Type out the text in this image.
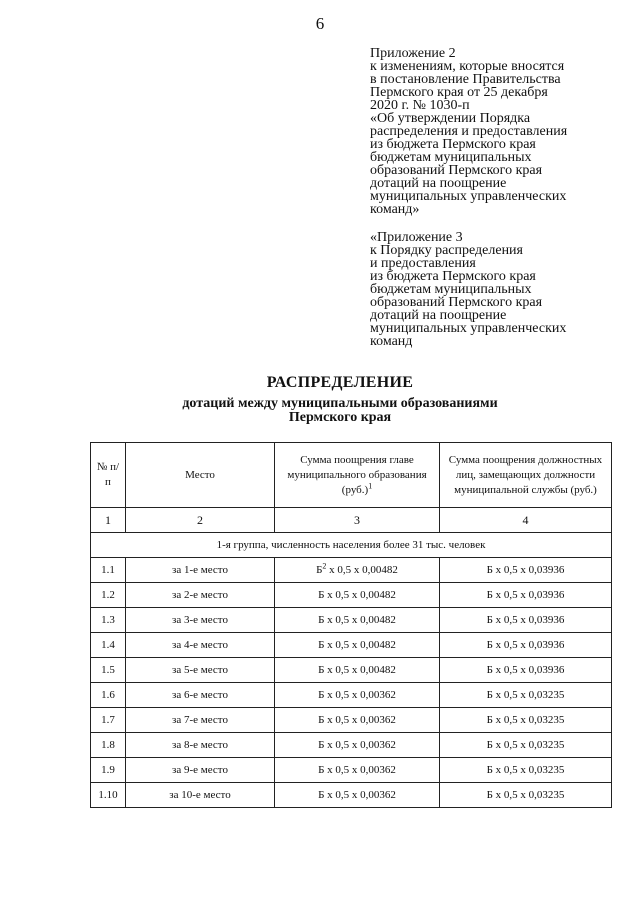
6
Приложение 2
к изменениям, которые вносятся
в постановление Правительства
Пермского края от 25 декабря
2020 г. № 1030-п
«Об утверждении Порядка
распределения и предоставления
из бюджета Пермского края
бюджетам муниципальных
образований Пермского края
дотаций на поощрение
муниципальных управленческих
команд»
«Приложение 3
к Порядку распределения
и предоставления
из бюджета Пермского края
бюджетам муниципальных
образований Пермского края
дотаций на поощрение
муниципальных управленческих
команд
РАСПРЕДЕЛЕНИЕ
дотаций между муниципальными образованиями
Пермского края
№ п/п	Место	Сумма поощрения главе муниципального образования $(руб.)^1$	Сумма поощрения должностных лиц, замещающих должности муниципальной службы (руб.)
1	2	3	4
1-я группа, численность населения более 31 тыс. человек			
1.1	за 1-е место	$Б^2$ х 0,5 х 0,00482	Б х 0,5 х 0,03936
1.2	за 2-е место	Б х 0,5 х 0,00482	Б х 0,5 х 0,03936
1.3	за 3-е место	Б х 0,5 х 0,00482	Б х 0,5 х 0,03936
1.4	за 4-е место	Б х 0,5 х 0,00482	Б х 0,5 х 0,03936
1.5	за 5-е место	Б х 0,5 х 0,00482	Б х 0,5 х 0,03936
1.6	за 6-е место	Б х 0,5 х 0,00362	Б х 0,5 х 0,03235
1.7	за 7-е место	Б х 0,5 х 0,00362	Б х 0,5 х 0,03235
1.8	за 8-е место	Б х 0,5 х 0,00362	Б х 0,5 х 0,03235
1.9	за 9-е место	Б х 0,5 х 0,00362	Б х 0,5 х 0,03235
1.10	за 10-е место	Б х 0,5 х 0,00362	Б х 0,5 х 0,03235
